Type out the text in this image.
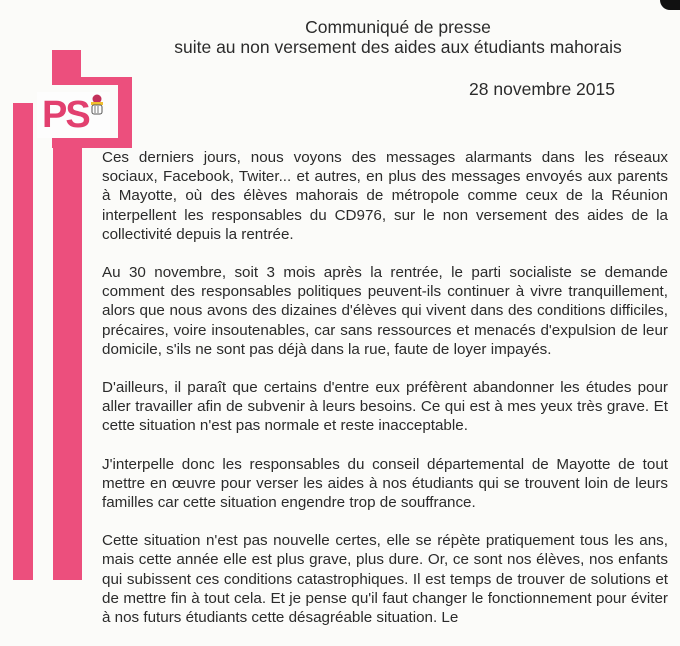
PS
Communiqué de presse
suite au non versement des aides aux étudiants mahorais
28 novembre 2015

Ces derniers jours, nous voyons des messages alarmants dans les réseaux sociaux, Facebook, Twiter... et autres, en plus des messages envoyés aux parents à Mayotte, où des élèves mahorais de métropole comme ceux de la Réunion interpellent les responsables du CD976, sur le non versement des aides de la collectivité depuis la rentrée.

Au 30 novembre, soit 3 mois après la rentrée, le parti socialiste se demande comment des responsables politiques peuvent-ils continuer à vivre tranquillement, alors que nous avons des dizaines d'élèves qui vivent dans des conditions difficiles, précaires, voire insoutenables, car sans ressources et menacés d'expulsion de leur domicile, s'ils ne sont pas déjà dans la rue, faute de loyer impayés.

D'ailleurs, il paraît que certains d'entre eux préfèrent abandonner les études pour aller travailler afin de subvenir à leurs besoins. Ce qui est à mes yeux très grave. Et cette situation n'est pas normale et reste inacceptable.

J'interpelle donc les responsables du conseil départemental de Mayotte de tout mettre en œuvre pour verser les aides à nos étudiants qui se trouvent loin de leurs familles car cette situation engendre trop de souffrance.

Cette situation n'est pas nouvelle certes, elle se répète pratiquement tous les ans, mais cette année elle est plus grave, plus dure. Or, ce sont nos élèves, nos enfants qui subissent ces conditions catastrophiques. Il est temps de trouver de solutions et de mettre fin à tout cela. Et je pense qu'il faut changer le fonctionnement pour éviter à nos futurs étudiants cette désagréable situation. Le
